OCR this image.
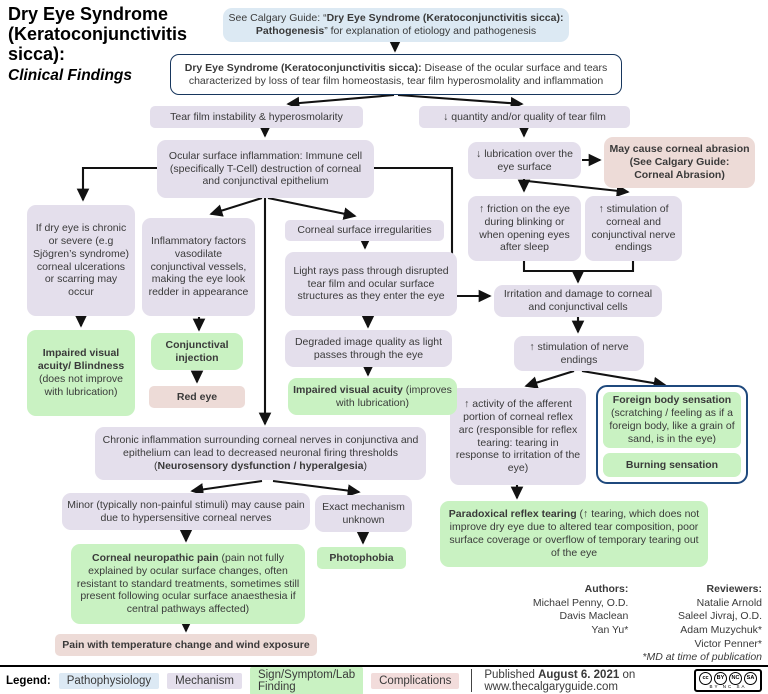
Dry Eye Syndrome (Keratoconjunctivitis sicca):
Clinical Findings
See Calgary Guide: “Dry Eye Syndrome (Keratoconjunctivitis sicca): Pathogenesis” for explanation of etiology and pathogenesis
Dry Eye Syndrome (Keratoconjunctivitis sicca): Disease of the ocular surface and tears characterized by loss of tear film homeostasis, tear film hyperosmolality and inflammation
Tear film instability & hyperosmolarity	↓ quantity and/or quality of tear film
Ocular surface inflammation: Immune cell (specifically T-Cell) destruction of corneal and conjunctival epithelium
↓ lubrication over the eye surface
May cause corneal abrasion (See Calgary Guide: Corneal Abrasion)
↑ friction on the eye during blinking or when opening eyes after sleep
↑ stimulation of corneal and conjunctival nerve endings
Irritation and damage to corneal and conjunctival cells
↑ stimulation of nerve endings
↑ activity of the afferent portion of corneal reflex arc (responsible for reflex tearing: tearing in response to irritation of the eye)
Foreign body sensation (scratching / feeling as if a foreign body, like a grain of sand, is in the eye)
Burning sensation
Paradoxical reflex tearing (↑ tearing, which does not improve dry eye due to altered tear composition, poor surface coverage or overflow of temporary tearing out of the eye
If dry eye is chronic or severe (e.g Sjögren’s syndrome) corneal ulcerations or scarring may occur
Impaired visual acuity/ Blindness (does not improve with lubrication)
Inflammatory factors vasodilate conjunctival vessels, making the eye look redder in appearance
Conjunctival injection
Red eye
Corneal surface irregularities
Light rays pass through disrupted tear film and ocular surface structures as they enter the eye
Degraded image quality as light passes through the eye
Impaired visual acuity (improves with lubrication)
Chronic inflammation surrounding corneal nerves in conjunctiva and epithelium can lead to decreased neuronal firing thresholds (Neurosensory dysfunction / hyperalgesia)
Minor (typically non-painful stimuli) may cause pain due to hypersensitive corneal nerves
Exact mechanism unknown
Corneal neuropathic pain (pain not fully explained by ocular surface changes, often resistant to standard treatments, sometimes still present following ocular surface anaesthesia if central pathways affected)
Pain with temperature change and wind exposure
Photophobia
Authors:
Michael Penny, O.D.
Davis Maclean
Yan Yu*
Reviewers:
Natalie Arnold
Saleel Jivraj, O.D.
Adam Muzychuk*
Victor Penner*
*MD at time of publication
Legend:	Pathophysiology	Mechanism	Sign/Symptom/Lab Finding	Complications	Published August 6. 2021 on www.thecalgaryguide.com
cc	BY	NC	SA
BY NC SA
